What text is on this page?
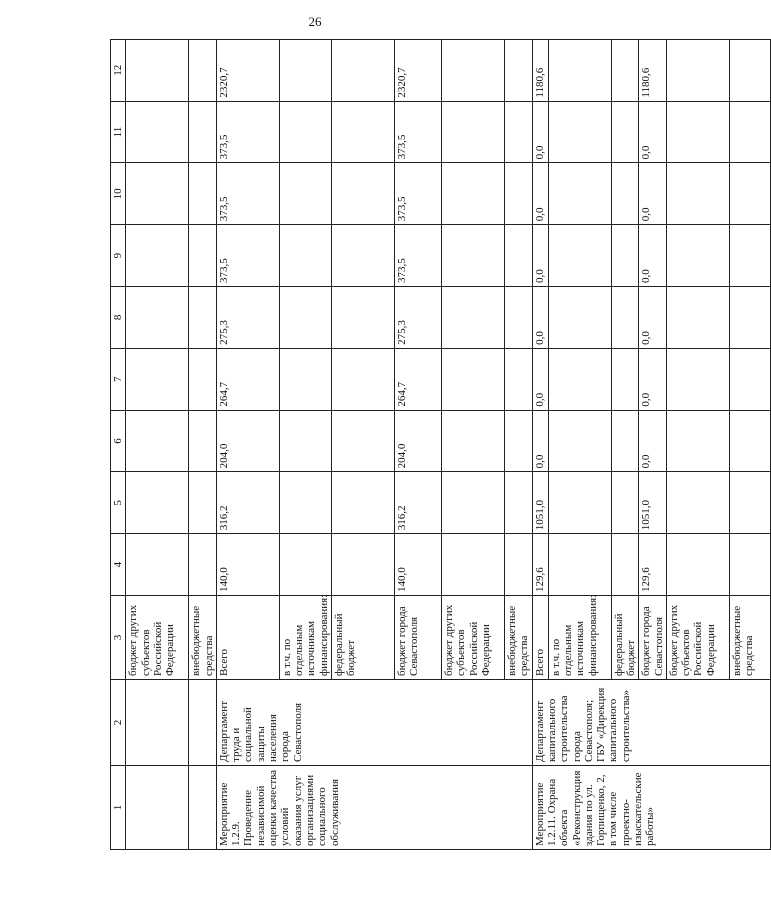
26
1	2	3	4	5	6	7	8	9	10	11	12
		бюджет других субъектов Российской Федерации									
		внебюджетные средства									
Мероприятие 1.2.9. Проведение независимой оценки качества условий оказания услуг организациями социального обслуживания	Департамент труда и социальной защиты населения города Севастополя	Всего	140,0	316,2	204,0	264,7	275,3	373,5	373,5	373,5	2320,7
		в т.ч. по отдельным источникам финансирования:									
		федеральный бюджет									
		бюджет города Севастополя	140,0	316,2	204,0	264,7	275,3	373,5	373,5	373,5	2320,7
		бюджет других субъектов Российской Федерации									
		внебюджетные средства									
Мероприятие 1.2.11. Охрана объекта «Реконструкция здания по ул. Горпищенко, 2, в том числе проектно-изыскательские работы»	Департамент капитального строительства города Севастополя; ГБУ «Дирекция капитального строительства»	Всего	129,6	1051,0	0,0	0,0	0,0	0,0	0,0	0,0	1180,6
		в т.ч. по отдельным источникам финансирования:									
		федеральный бюджет									
		бюджет города Севастополя	129,6	1051,0	0,0	0,0	0,0	0,0	0,0	0,0	1180,6
		бюджет других субъектов Российской Федерации									
		внебюджетные средства									
